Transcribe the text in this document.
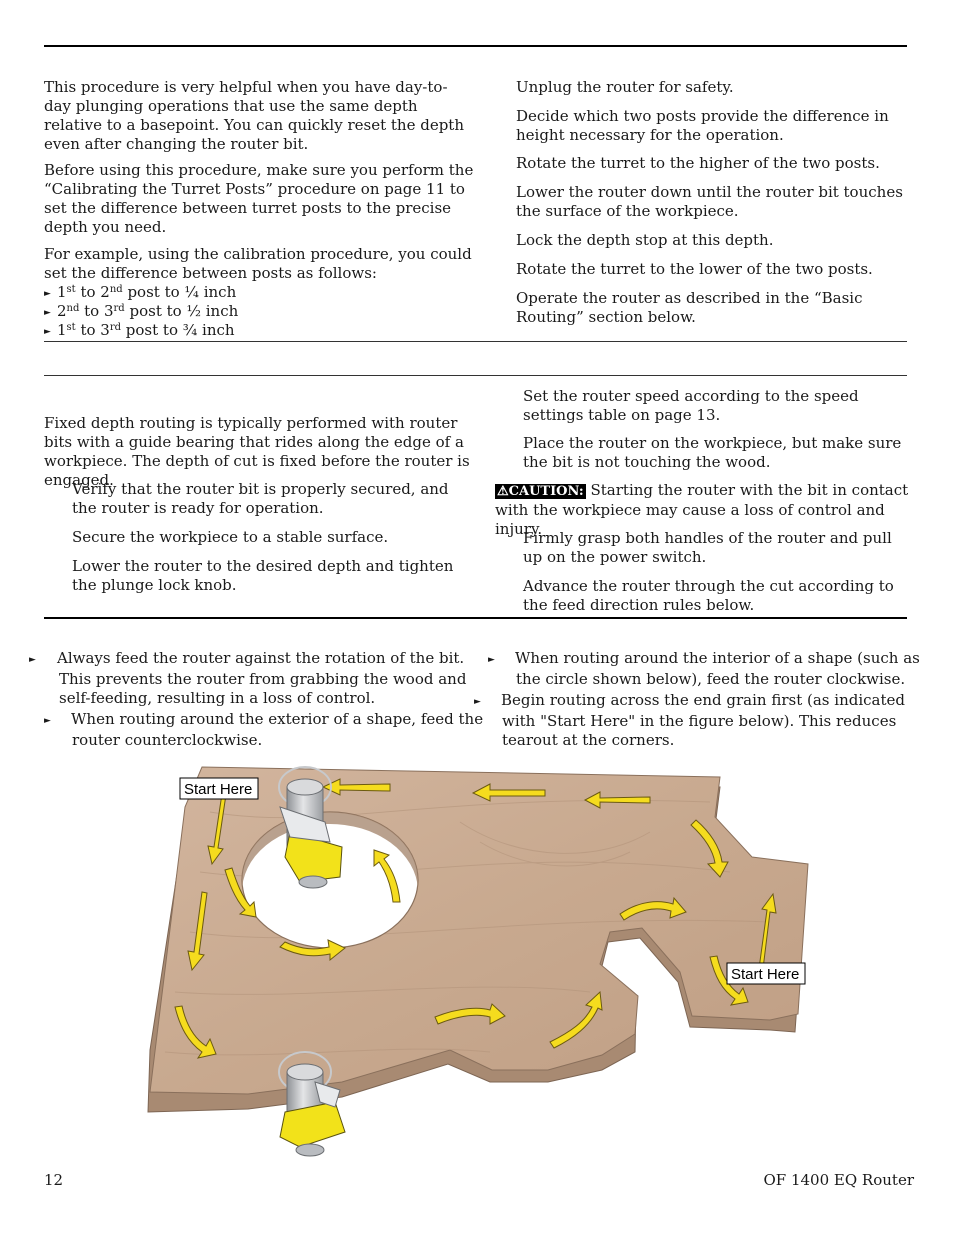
This procedure is very helpful when you have day-to-day plunging operations that use the same depth relative to a basepoint. You can quickly reset the depth even after changing the router bit.

Before using this procedure, make sure you perform the “Calibrating the Turret Posts” procedure on page 11 to set the difference between turret posts to the precise depth you need.

For example, using the calibration procedure, you could set the difference between posts as follows:

► 1st to 2nd post to ¼ inch

► 2nd to 3rd post to ½ inch

► 1st to 3rd post to ¾ inch

Unplug the router for safety.

Decide which two posts provide the difference in height necessary for the operation.

Rotate the turret to the higher of the two posts.

Lower the router down until the router bit touches the surface of the workpiece.

Lock the depth stop at this depth.

Rotate the turret to the lower of the two posts.

Operate the router as described in the “Basic Routing” section below.

Fixed depth routing is typically performed with router bits with a guide bearing that rides along the edge of a workpiece. The depth of cut is fixed before the router is engaged.

Verify that the router bit is properly secured, and the router is ready for operation.

Secure the workpiece to a stable surface.

Lower the router to the desired depth and tighten the plunge lock knob.

Set the router speed according to the speed settings table on page 13.

Place the router on the workpiece, but make sure the bit is not touching the wood.

⚠CAUTION: Starting the router with the bit in contact with the workpiece may cause a loss of control and injury.

Firmly grasp both handles of the router and pull up on the power switch.

Advance the router through the cut according to the feed direction rules below.

► Always feed the router against the rotation of the bit. This prevents the router from grabbing the wood and self-feeding, resulting in a loss of control.

► When routing around the exterior of a shape, feed the router counterclockwise.

► When routing around the interior of a shape (such as the circle shown below), feed the router clockwise.

► Begin routing across the end grain first (as indicated with "Start Here" in the figure below). This reduces tearout at the corners.

Start Here
Start Here
12	OF 1400 EQ Router
